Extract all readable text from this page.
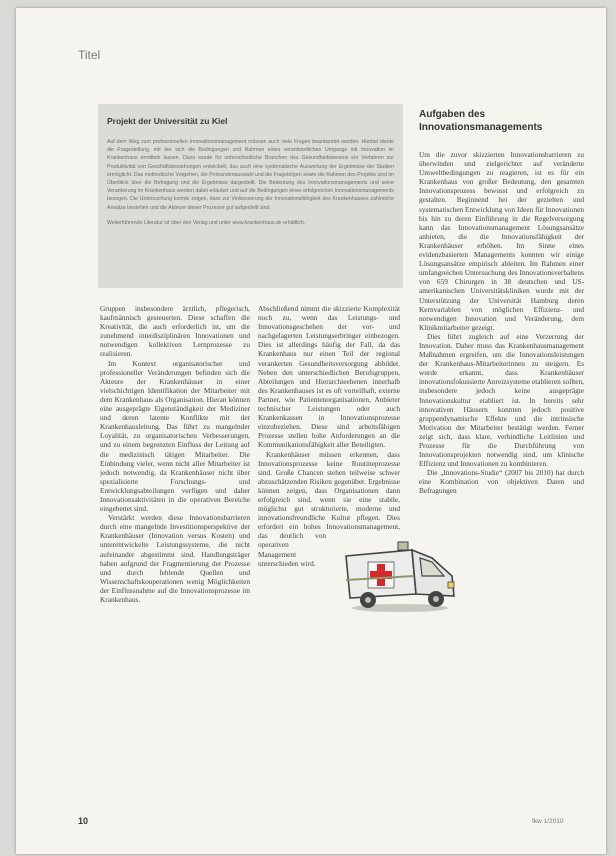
Titel
Projekt der Universität zu Kiel

Auf dem Weg zum professionellen Innovationsmanagement müssen auch viele Fragen beantwortet werden. Hierbei diente die Fragestellung, mit der sich die Bedingungen und Rahmen eines verantwortlichen Umgangs mit Innovation im Krankenhaus ermitteln lassen. Dazu wurde für unterschiedliche Branchen des Gesundheitswesens ein Verfahren zur Produktivität von Geschäftsbeziehungen entwickelt, das auch eine systematische Auswertung der Ergebnisse der Studien ermöglicht. Das methodische Vorgehen, die Probandenauswahl und die Fragebögen sowie die Rahmen des Projekts sind im Überblick über die Befragung und die Ergebnisse dargestellt. Die Bedeutung des Innovationsmanagements und seine Verankerung im Krankenhaus werden dabei erläutert und auf die Bedingungen eines erfolgreichen Innovationsmanagements bezogen. Die Untersuchung konnte zeigen, dass zur Verbesserung der Innovationsfähigkeit des Krankenhauses zahlreiche Ansätze bestehen und die Akteure dieser Prozesse gut aufgestellt sind.

Weiterführende Literatur ist über den Verlag und unter www.krankenhaus.de erhältlich.
Aufgaben des Innovationsmanagements

Gruppen insbesondere ärztlich, pflegerisch, kaufmännisch gesteuerten. Diese schaffen die Kreativität, die auch erforderlich ist, um die zunehmend interdisziplinären Innovationen und notwendigen kollektiven Lernprozesse zu realisieren.

Im Kontext organisatorischer und professioneller Veränderungen befinden sich die Akteure der Krankenhäuser in einer vielschichtigen Identifikation der Mitarbeiter mit dem Krankenhaus als Organisation. Hieran können eine ausgeprägte Eigenständigkeit der Mediziner und deren latente Konflikte mit der Krankenhausleitung. Das führt zu mangelnder Loyalität, zu organisatorischen Verbesserungen, und zu einem begrenzten Einfluss der Leitung auf die medizinisch tätigen Mitarbeiter. Die Einbindung vieler, wenn nicht aller Mitarbeiter ist jedoch notwendig, da Krankenhäuser nicht über spezialisierte Forschungs- und Entwicklungsabteilungen verfügen und daher Innovationsaktivitäten in die operativen Bereiche eingebettet sind.

Verstärkt werden diese Innovationsbarrieren durch eine mangelnde Investitionsperspektive der Krankenhäuser (Innovation versus Kosten) und unterentwickelte Leistungssysteme, die nicht aufeinander abgestimmt sind. Handlungsträger haben aufgrund der Fragmentierung der Prozesse und durch fehlende Quellen und Wissenschaftskooperationen wenig Möglichkeiten der Einflussnahme auf die Innovationsprozesse im Krankenhaus.

Abschließend nimmt die skizzierte Komplexität noch zu, wenn das Leistungs- und Innovationsgeschehen der vor- und nachgelagerten Leistungserbringer einbezogen. Dies ist allerdings häufig der Fall, da das Krankenhaus nur einen Teil der regional verankerten Gesundheitsversorgung abbildet. Neben den unterschiedlichen Berufsgruppen, Abteilungen und Hierarchieebenen innerhalb des Krankenhauses ist es oft vorteilhaft, externe Partner, wie Patientenorganisationen, Anbieter technischer Leistungen oder auch Krankenkassen in Innovationsprozesse einzubeziehen. Diese sind arbeitsfähigen Prozesse stellen hohe Anforderungen an die Kommunikationsfähigkeit aller Beteiligten.

Krankenhäuser müssen erkennen, dass Innovationsprozesse keine Routineprozesse sind. Große Chancen stehen teilweise schwer abzuschätzenden Risiken gegenüber. Ergebnisse können zeigen, dass Organisationen dann erfolgreich sind, wenn sie eine stabile, möglichst gut strukturierte, moderne und innovationsfreundliche Kultur pflegen. Dies erfordert ein hohes Innovationsmanagement, das deutlich von operativen Management unterschieden wird.

Um die zuvor skizzierten Innovationsbarrieren zu überwinden und zielgerichtet auf veränderte Umweltbedingungen zu reagieren, ist es für ein Krankenhaus von großer Bedeutung, den gesamten Innovationsprozess bewusst und erfolgreich zu gestalten. Beginnend bei der gezielten und systematischen Entwicklung von Ideen für Innovationen bis hin zu deren Einführung in die Regelversorgung kann das Innovationsmanagement Lösungsansätze anbieten, die die Innovationsfähigkeit der Krankenhäuser erhöhen. Im Sinne eines evidenzbasierten Managements konnten wir einige Lösungsansätze empirisch ableiten. Im Rahmen einer umfangreichen Untersuchung des Innovationsverhaltens von 659 Chirurgen in 38 deutschen und US-amerikanischen Universitätskliniken wurde mit der Unterstützung der Universität Hamburg deren Kernvariablen von möglichen Effizienz- und notwendigen Innovation und Veränderung, dem Klinikmitarbeiter gezeigt.

Dies führt zugleich auf eine Verzerrung der Innovation. Daher muss das Krankenhausmanagement Maßnahmen ergreifen, um die Innovationsleistungen der Krankenhaus-Mitarbeiterinnen zu steigern. Es wurde erkannt, dass Krankenhäuser innovationsfokussierte Anreizsysteme etablieren sollten, insbesondere jedoch keine ausgeprägte Innovationskultur etabliert ist. In bereits sehr innovativen Häusern konnten jedoch positive gruppendynamische Effekte und die intrinsische Motivation der Mitarbeiter bestätigt werden. Ferner zeigt sich, dass klare, verbindliche Leitlinien und Prozesse für die Durchführung von Innovationsprojekten notwendig sind, um klinische Effizienz und Innovationen zu kombinieren.

Die „Innovations-Studie“ (2007 bis 2010) hat durch eine Kombination von objektiven Daten und Befragungen

10	fkw 1/2010
